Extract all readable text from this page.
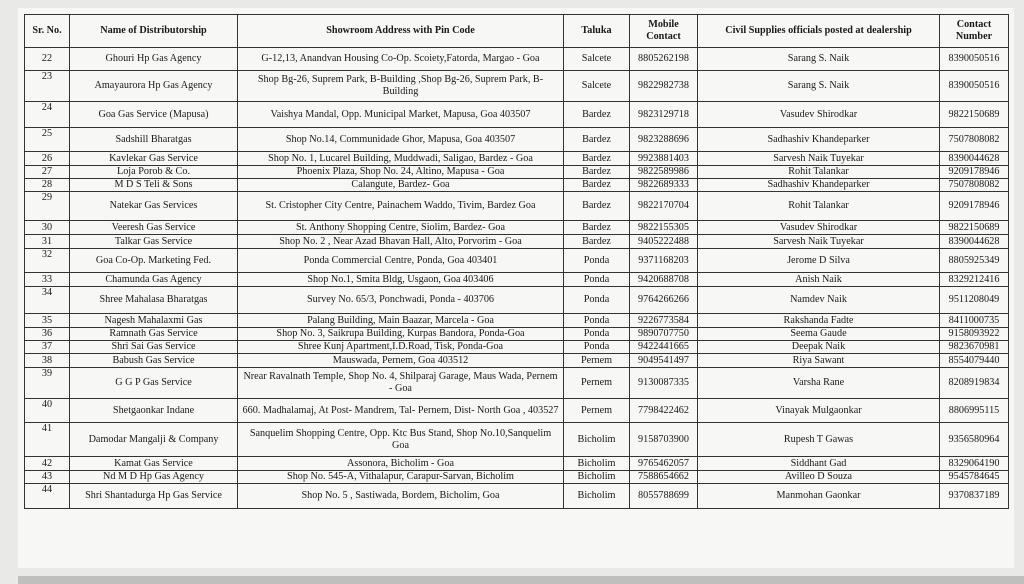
Sr. No.	Name of Distributorship	Showroom Address with Pin Code	Taluka	Mobile Contact	Civil Supplies officials posted at dealership	Contact Number
22	Ghouri Hp Gas Agency	G-12,13, Anandvan Housing Co-Op. Scoiety,Fatorda, Margao - Goa	Salcete	8805262198	Sarang S. Naik	8390050516
23	Amayaurora Hp Gas Agency	Shop Bg-26, Suprem Park, B-Building ,Shop Bg-26, Suprem Park, B-Building	Salcete	9822982738	Sarang S. Naik	8390050516
24	Goa Gas Service (Mapusa)	Vaishya Mandal, Opp. Municipal Market, Mapusa, Goa 403507	Bardez	9823129718	Vasudev Shirodkar	9822150689
25	Sadshill Bharatgas	Shop No.14, Communidade Ghor, Mapusa, Goa 403507	Bardez	9823288696	Sadhashiv Khandeparker	7507808082
26	Kavlekar Gas Service	Shop No. 1, Lucarel Building, Muddwadi, Saligao, Bardez - Goa	Bardez	9923881403	Sarvesh Naik Tuyekar	8390044628
27	Loja Porob & Co.	Phoenix Plaza, Shop No. 24, Altino, Mapusa - Goa	Bardez	9822589986	Rohit Talankar	9209178946
28	M D S Teli & Sons	Calangute, Bardez- Goa	Bardez	9822689333	Sadhashiv Khandeparker	7507808082
29	Natekar Gas Services	St. Cristopher City Centre, Painachem Waddo, Tivim, Bardez Goa	Bardez	9822170704	Rohit Talankar	9209178946
30	Veeresh Gas Service	St. Anthony Shopping Centre, Siolim, Bardez- Goa	Bardez	9822155305	Vasudev Shirodkar	9822150689
31	Talkar Gas Service	Shop No. 2 , Near Azad Bhavan Hall, Alto, Porvorim - Goa	Bardez	9405222488	Sarvesh Naik Tuyekar	8390044628
32	Goa Co-Op. Marketing Fed.	Ponda Commercial Centre, Ponda, Goa 403401	Ponda	9371168203	Jerome D Silva	8805925349
33	Chamunda Gas Agency	Shop No.1, Smita Bldg, Usgaon, Goa 403406	Ponda	9420688708	Anish Naik	8329212416
34	Shree Mahalasa Bharatgas	Survey No. 65/3, Ponchwadi, Ponda - 403706	Ponda	9764266266	Namdev Naik	9511208049
35	Nagesh Mahalaxmi Gas	Palang Building, Main Baazar, Marcela - Goa	Ponda	9226773584	Rakshanda Fadte	8411000735
36	Ramnath Gas Service	Shop No. 3, Saikrupa Building, Kurpas Bandora, Ponda-Goa	Ponda	9890707750	Seema Gaude	9158093922
37	Shri Sai Gas Service	Shree Kunj Apartment,I.D.Road, Tisk, Ponda-Goa	Ponda	9422441665	Deepak Naik	9823670981
38	Babush Gas Service	Mauswada, Pernem, Goa 403512	Pernem	9049541497	Riya Sawant	8554079440
39	G G P Gas Service	Nrear Ravalnath Temple, Shop No. 4, Shilparaj Garage, Maus Wada, Pernem - Goa	Pernem	9130087335	Varsha Rane	8208919834
40	Shetgaonkar Indane	660. Madhalamaj, At Post- Mandrem, Tal- Pernem, Dist- North Goa , 403527	Pernem	7798422462	Vinayak Mulgaonkar	8806995115
41	Damodar Mangalji & Company	Sanquelim Shopping Centre, Opp. Ktc Bus Stand, Shop No.10,Sanquelim Goa	Bicholim	9158703900	Rupesh T Gawas	9356580964
42	Kamat Gas Service	Assonora, Bicholim - Goa	Bicholim	9765462057	Siddhant Gad	8329064190
43	Nd M D Hp Gas Agency	Shop No. 545-A, Vithalapur, Carapur-Sarvan, Bicholim	Bicholim	7588654662	Avilleo D Souza	9545784645
44	Shri Shantadurga Hp Gas Service	Shop No. 5 , Sastiwada, Bordem, Bicholim, Goa	Bicholim	8055788699	Manmohan Gaonkar	9370837189
